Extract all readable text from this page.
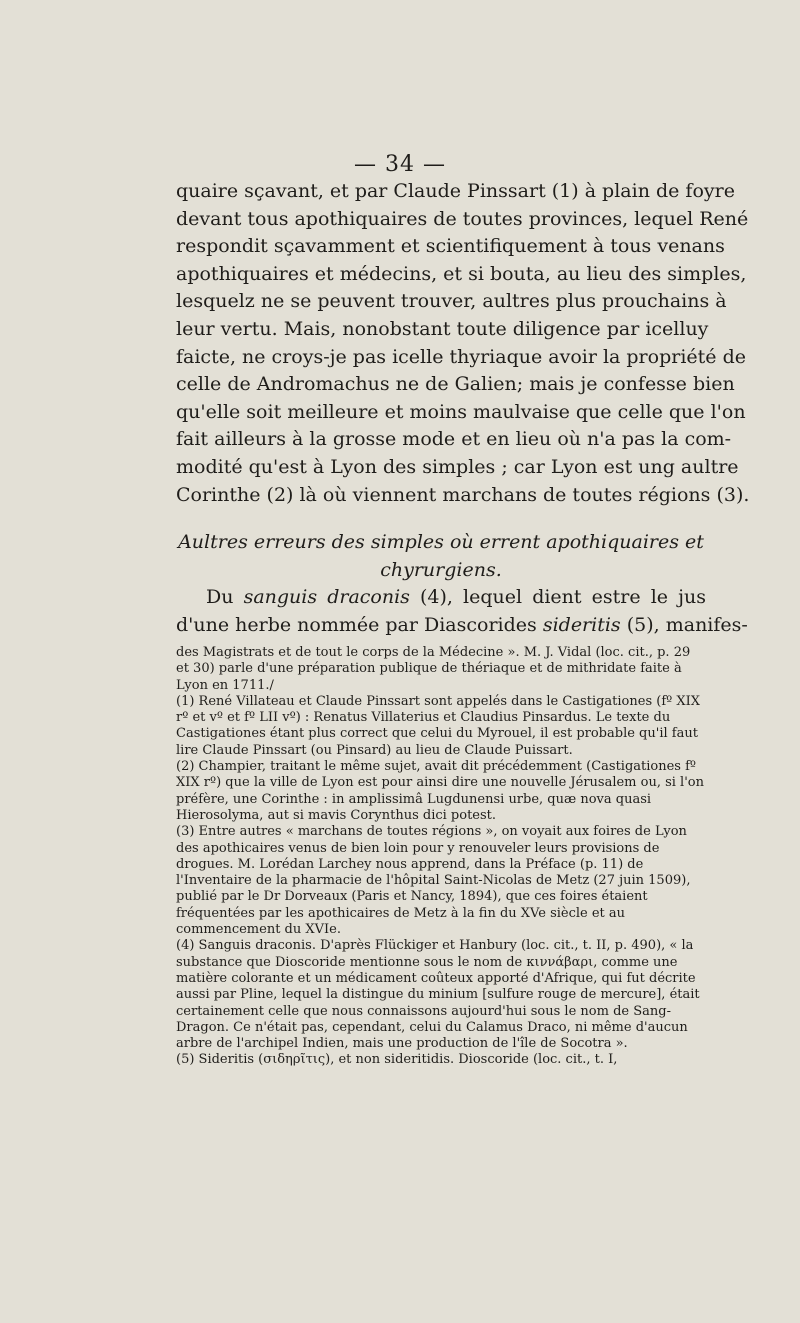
— 34 —
quaire sçavant, et par Claude Pinssart (1) à plain de foyre
devant tous apothiquaires de toutes provinces, lequel René
respondit sçavamment et scientifiquement à tous venans
apothiquaires et médecins, et si bouta, au lieu des simples,
lesquelz ne se peuvent trouver, aultres plus prouchains à
leur vertu. Mais, nonobstant toute diligence par icelluy
faicte, ne croys-je pas icelle thyriaque avoir la propriété de
celle de Andromachus ne de Galien; mais je confesse bien
qu'elle soit meilleure et moins maulvaise que celle que l'on
fait ailleurs à la grosse mode et en lieu où n'a pas la com-
modité qu'est à Lyon des simples ; car Lyon est ung aultre
Corinthe (2) là où viennent marchans de toutes régions (3).
Aultres erreurs des simples où errent apothiquaires et
chyrurgiens.
Du sanguis draconis (4), lequel dient estre le jus
d'une herbe nommée par Diascorides sideritis (5), manifes-

des Magistrats et de tout le corps de la Médecine ». M. J. Vidal (loc. cit., p. 29 et 30) parle d'une préparation publique de thériaque et de mithridate faite à Lyon en 1711./

(1) René Villateau et Claude Pinssart sont appelés dans le Castigationes (fº XIX rº et vº et fº LII vº) : Renatus Villaterius et Claudius Pinsardus. Le texte du Castigationes étant plus correct que celui du Myrouel, il est probable qu'il faut lire Claude Pinssart (ou Pinsard) au lieu de Claude Puissart.

(2) Champier, traitant le même sujet, avait dit précédemment (Castigationes fº XIX rº) que la ville de Lyon est pour ainsi dire une nouvelle Jérusalem ou, si l'on préfère, une Corinthe : in amplissimâ Lugdunensi urbe, quæ nova quasi Hierosolyma, aut si mavis Corynthus dici potest.

(3) Entre autres « marchans de toutes régions », on voyait aux foires de Lyon des apothicaires venus de bien loin pour y renouveler leurs provisions de drogues. M. Lorédan Larchey nous apprend, dans la Préface (p. 11) de l'Inventaire de la pharmacie de l'hôpital Saint-Nicolas de Metz (27 juin 1509), publié par le Dr Dorveaux (Paris et Nancy, 1894), que ces foires étaient fréquentées par les apothicaires de Metz à la fin du XVe siècle et au commencement du XVIe.

(4) Sanguis draconis. D'après Flückiger et Hanbury (loc. cit., t. II, p. 490), « la substance que Dioscoride mentionne sous le nom de κιννάβαρι, comme une matière colorante et un médicament coûteux apporté d'Afrique, qui fut décrite aussi par Pline, lequel la distingue du minium [sulfure rouge de mercure], était certainement celle que nous connaissons aujourd'hui sous le nom de Sang-Dragon. Ce n'était pas, cependant, celui du Calamus Draco, ni même d'aucun arbre de l'archipel Indien, mais une production de l'île de Socotra ».

(5) Sideritis (σιδηρῖτις), et non sideritidis. Dioscoride (loc. cit., t. I,
